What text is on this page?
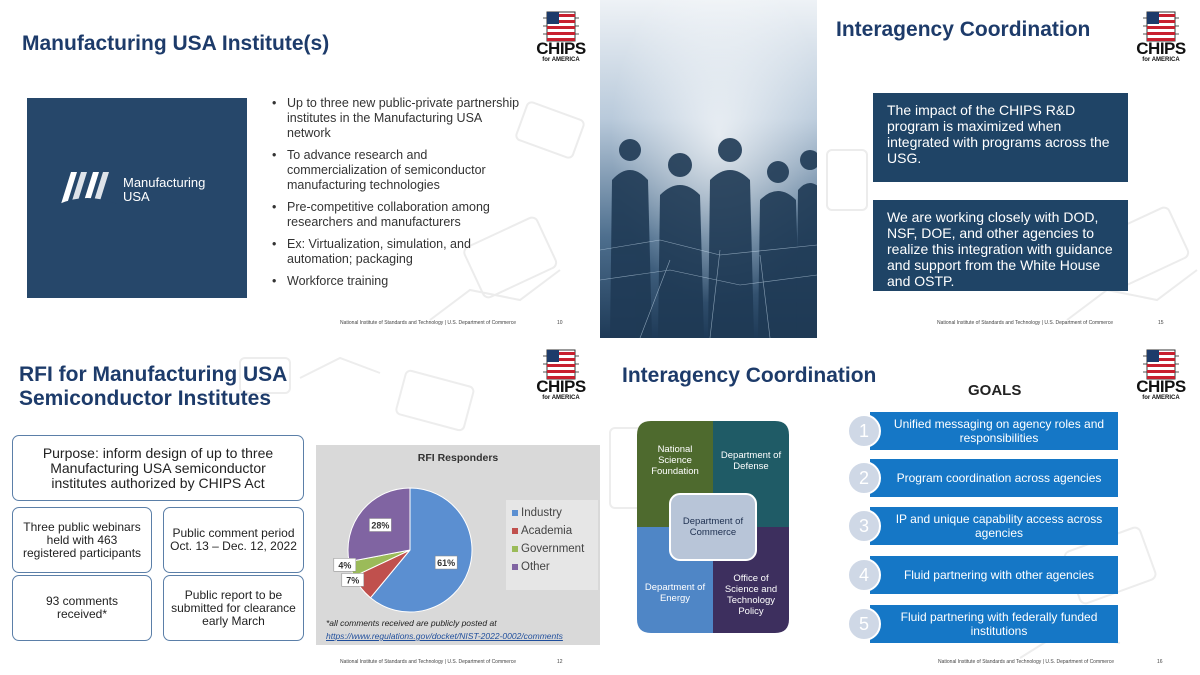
Manufacturing USA Institute(s)	CHIPS
for AMERICA
Manufacturing
USA
• Up to three new public-private partnership institutes in the Manufacturing USA network
• To advance research and commercialization of semiconductor manufacturing technologies
• Pre-competitive collaboration among researchers and manufacturers
• Ex: Virtualization, simulation, and automation; packaging
• Workforce training
National Institute of Standards and Technology | U.S. Department of Commerce	10
Interagency Coordination
CHIPS
for AMERICA
The impact of the CHIPS R&D program is maximized when integrated with programs across the USG.
We are working closely with DOD, NSF, DOE, and other agencies to realize this integration with guidance and support from the White House and OSTP.
National Institute of Standards and Technology | U.S. Department of Commerce	15
RFI for Manufacturing USA
Semiconductor Institutes
CHIPS
for AMERICA
Purpose: inform design of up to three Manufacturing USA semiconductor institutes authorized by CHIPS Act
Three public webinars held with 463 registered participants
Public comment period Oct. 13 – Dec. 12, 2022
93 comments received*
Public report to be submitted for clearance early March
RFI Responders
61%
7%
4%
28%
Industry
Academia
Government
Other
*all comments received are publicly posted at
https://www.regulations.gov/docket/NIST-2022-0002/comments
National Institute of Standards and Technology | U.S. Department of Commerce	12
Interagency Coordination	CHIPS
for AMERICA
National Science Foundation
Department of Defense
Department of Energy
Office of Science and Technology Policy
Department of Commerce
GOALS
Unified messaging on agency roles and responsibilities
1
Program coordination across agencies
2
IP and unique capability access across agencies
3
Fluid partnering with other agencies
4
Fluid partnering with federally funded institutions
5
National Institute of Standards and Technology | U.S. Department of Commerce	16
